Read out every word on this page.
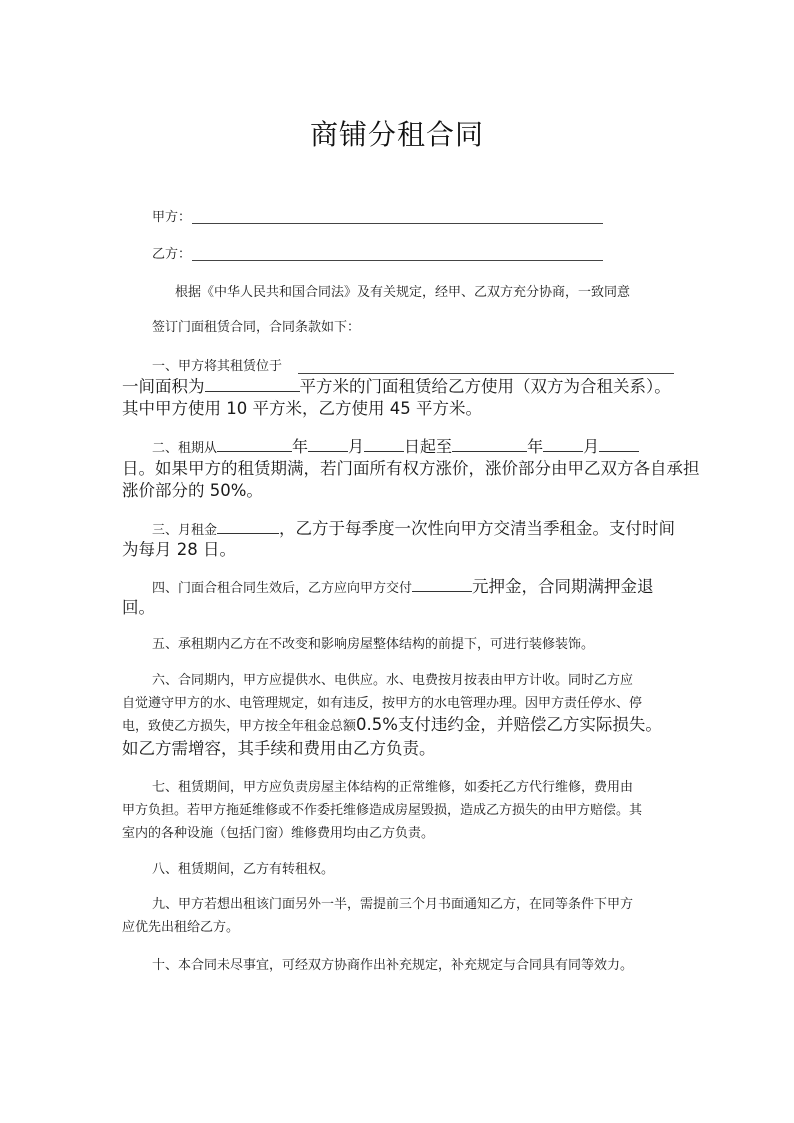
商铺分租合同
甲方：
乙方：
根据《中华人民共和国合同法》及有关规定，经甲、乙双方充分协商，一致同意
签订门面租赁合同，合同条款如下：
一、甲方将其租赁位于
一间面积为	平方米的门面租赁给乙方使用（双方为合租关系）。
其中甲方使用 10 平方米，乙方使用 45 平方米。
二、租期从	年	月	日起至	年	月
日。如果甲方的租赁期满，若门面所有权方涨价，涨价部分由甲乙双方各自承担
涨价部分的 50%。
三、月租金	，乙方于每季度一次性向甲方交清当季租金。支付时间
为每月 28 日。
四、门面合租合同生效后，乙方应向甲方交付	元押金，合同期满押金退
回。
五、承租期内乙方在不改变和影响房屋整体结构的前提下，可进行装修装饰。
六、合同期内，甲方应提供水、电供应。水、电费按月按表由甲方计收。同时乙方应
自觉遵守甲方的水、电管理规定，如有违反，按甲方的水电管理办理。因甲方责任停水、停
电，致使乙方损失，甲方按全年租金总额0.5%支付违约金，并赔偿乙方实际损失。
如乙方需增容，其手续和费用由乙方负责。
七、租赁期间，甲方应负责房屋主体结构的正常维修，如委托乙方代行维修，费用由
甲方负担。若甲方拖延维修或不作委托维修造成房屋毁损，造成乙方损失的由甲方赔偿。其
室内的各种设施（包括门窗）维修费用均由乙方负责。
八、租赁期间，乙方有转租权。
九、甲方若想出租该门面另外一半，需提前三个月书面通知乙方，在同等条件下甲方
应优先出租给乙方。
十、本合同未尽事宜，可经双方协商作出补充规定，补充规定与合同具有同等效力。
